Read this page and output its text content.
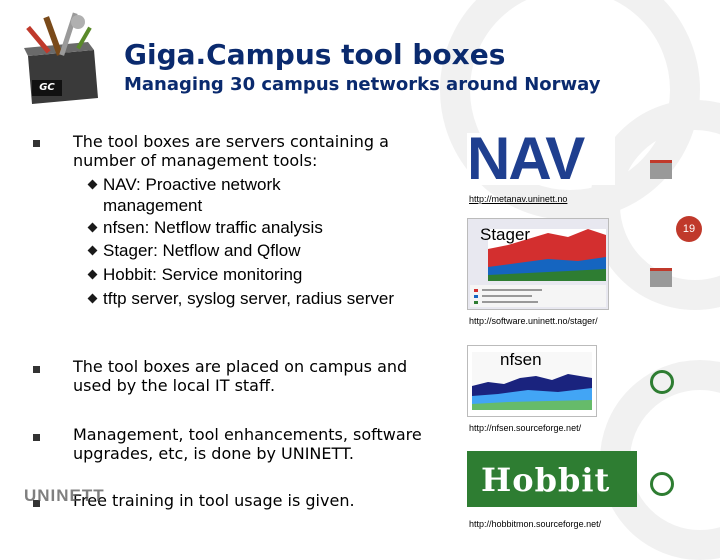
GC
Giga.Campus tool boxes
Managing 30 campus networks around Norway
The tool boxes are servers containing a number of management tools:
NAV: Proactive network management
nfsen: Netflow traffic analysis
Stager: Netflow and Qflow
Hobbit: Service monitoring
tftp server, syslog server, radius server
The tool boxes are placed on campus and used by the local IT staff.
Management, tool enhancements, software upgrades, etc, is done by UNINETT.
Free training in tool usage is given.
UNINETT
NAV
http://metanav.uninett.no
Stager
http://software.uninett.no/stager/
nfsen
http://nfsen.sourceforge.net/
Hobbit
http://hobbitmon.sourceforge.net/
19
